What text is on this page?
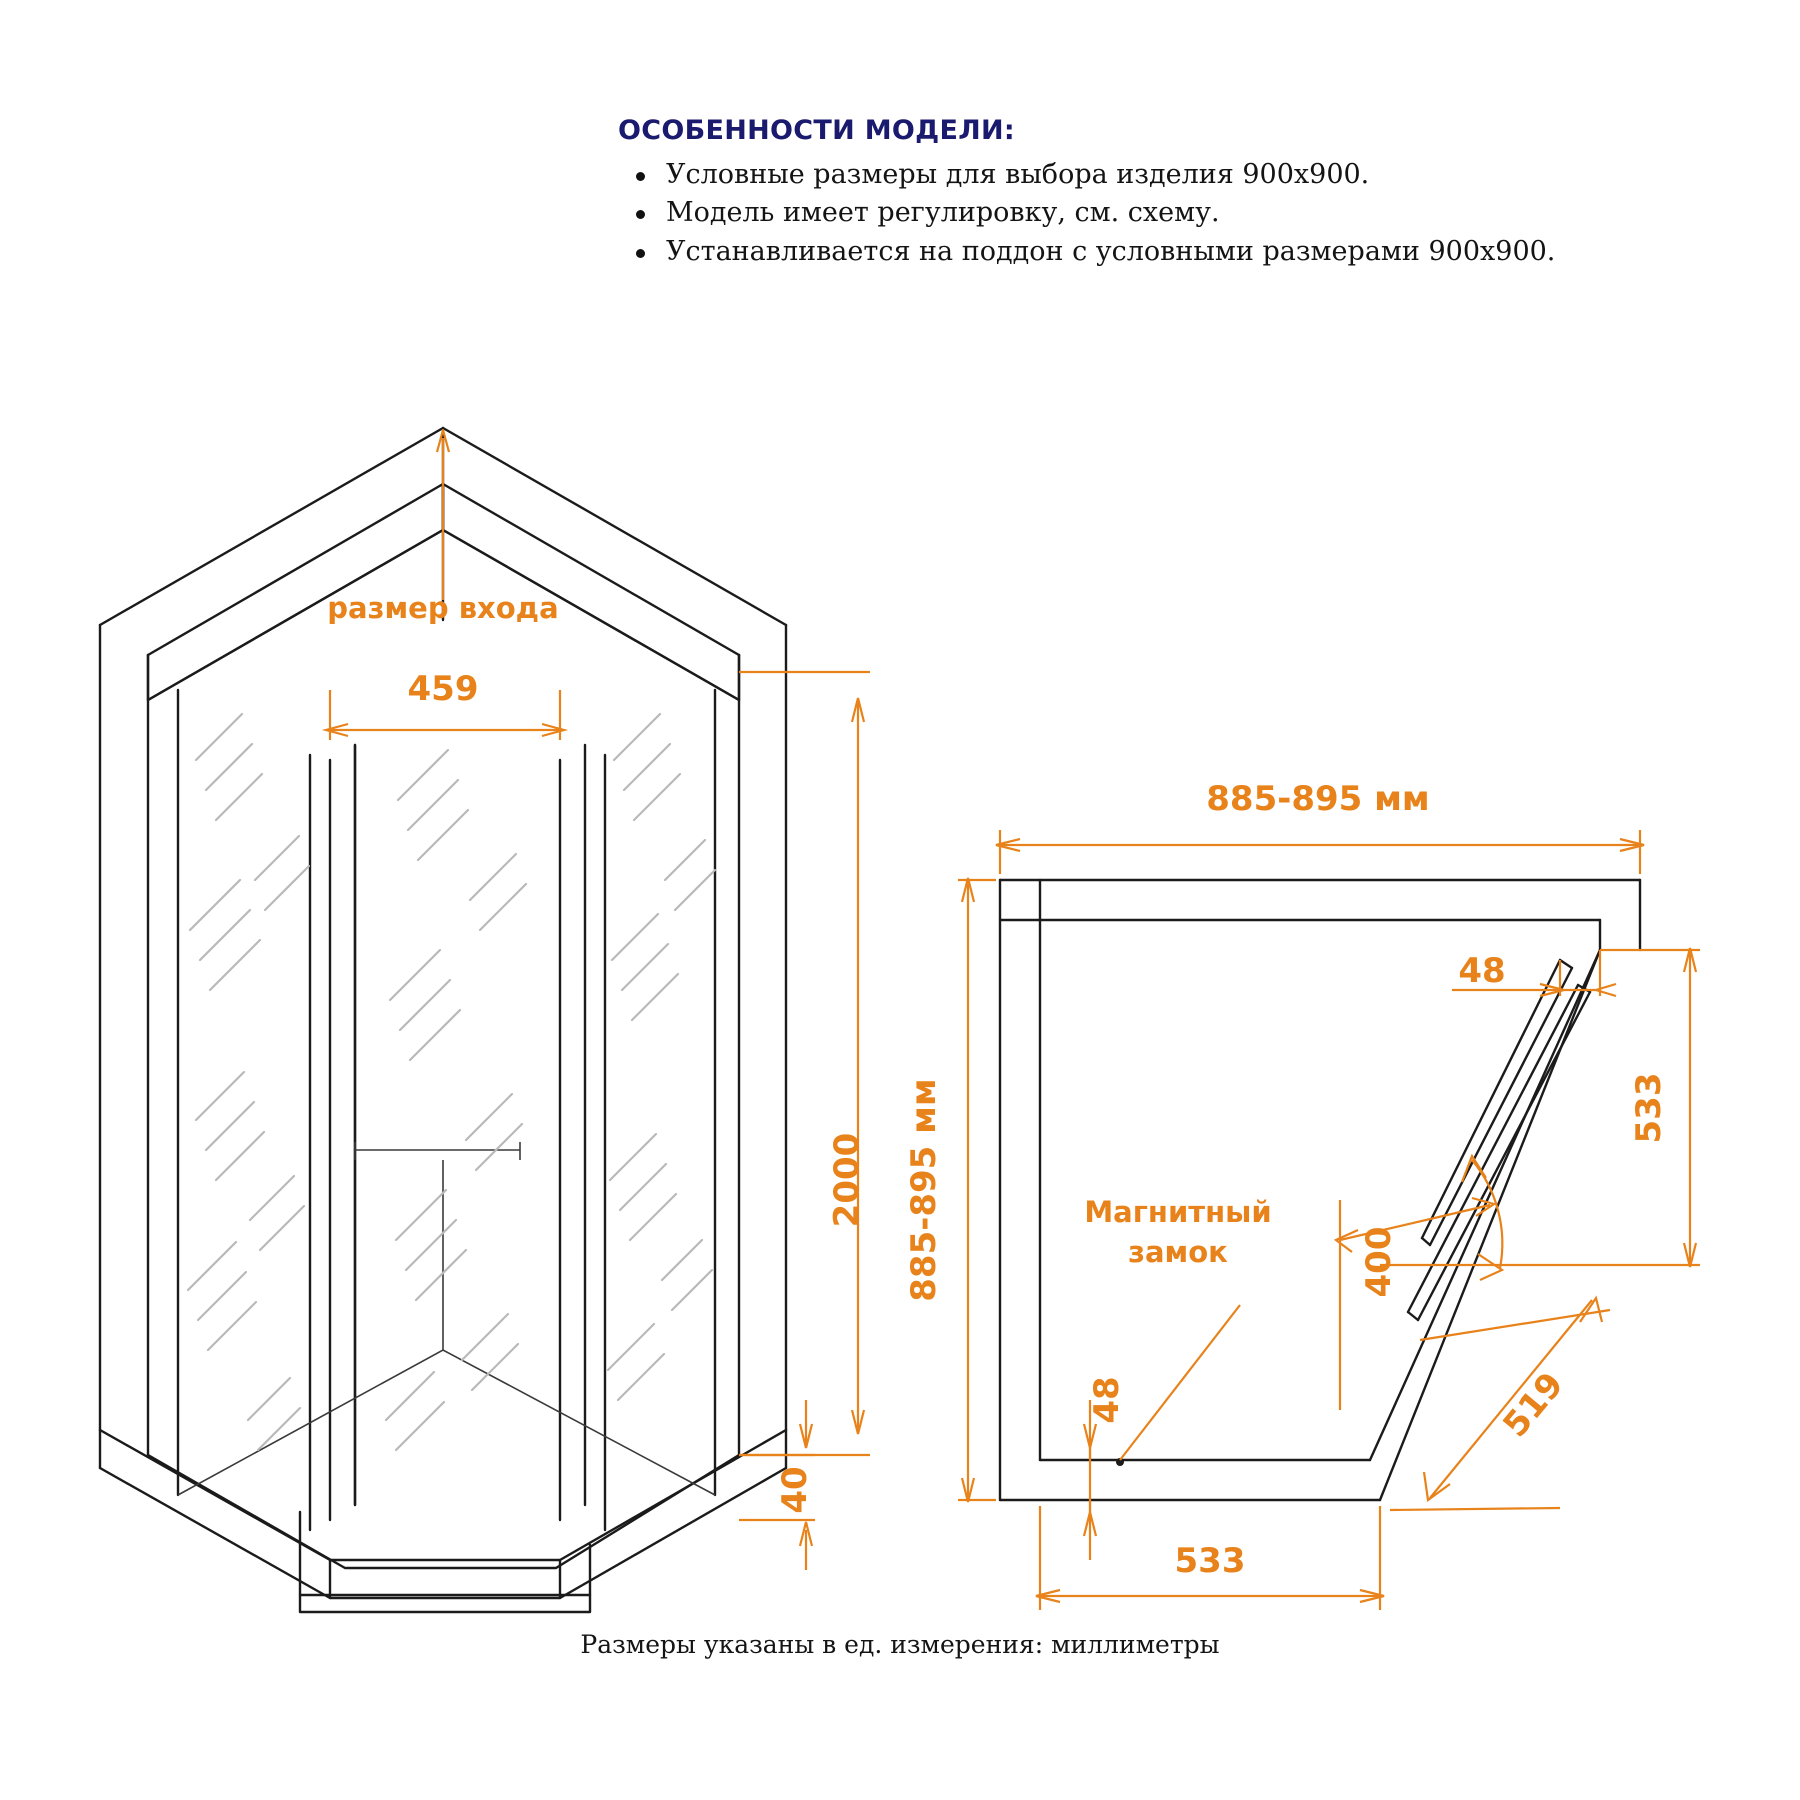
ОСОБЕННОСТИ МОДЕЛИ:
Условные размеры для выбора изделия 900x900.
Модель имеет регулировку, см. схему.
Устанавливается на поддон с условными размерами 900x900.
размер входа
459
2000
40
Магнитный
замок
885-895 мм
885-895 мм
48
533
400
519
48
533
Размеры указаны в ед. измерения: миллиметры
